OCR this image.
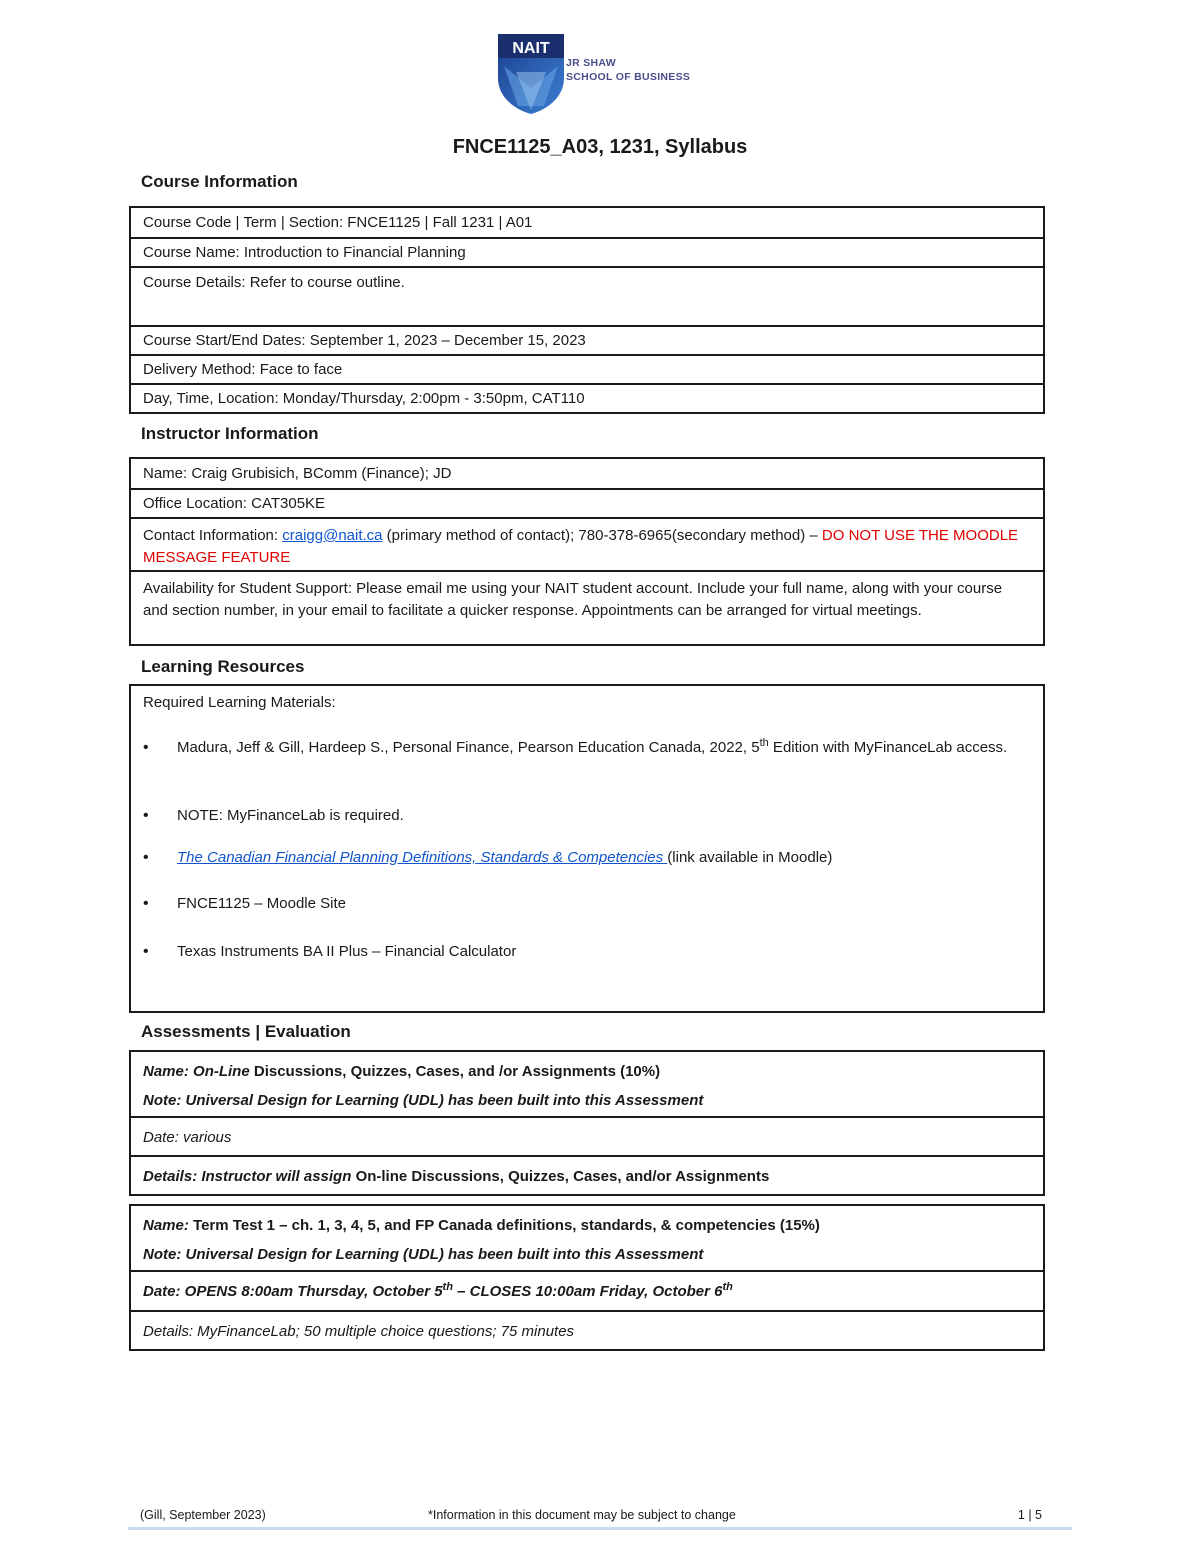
NAIT
JR SHAW
SCHOOL OF BUSINESS
FNCE1125_A03, 1231, Syllabus
Course Information
Course Code | Term | Section: FNCE1125 | Fall 1231 | A01
Course Name: Introduction to Financial Planning
Course Details: Refer to course outline.
Course Start/End Dates: September 1, 2023 – December 15, 2023
Delivery Method: Face to face
Day, Time, Location: Monday/Thursday, 2:00pm - 3:50pm, CAT110
Instructor Information
Name: Craig Grubisich, BComm (Finance); JD
Office Location: CAT305KE
Contact Information: craigg@nait.ca (primary method of contact); 780-378-6965(secondary method) – DO NOT USE THE MOODLE MESSAGE FEATURE
Availability for Student Support: Please email me using your NAIT student account. Include your full name, along with your course and section number, in your email to facilitate a quicker response. Appointments can be arranged for virtual meetings.
Learning Resources
Required Learning Materials:
• Madura, Jeff & Gill, Hardeep S., Personal Finance, Pearson Education Canada, 2022, 5th Edition with MyFinanceLab access.
• NOTE: MyFinanceLab is required.
• The Canadian Financial Planning Definitions, Standards & Competencies (link available in Moodle)
• FNCE1125 – Moodle Site
• Texas Instruments BA II Plus – Financial Calculator
Assessments | Evaluation
Name: On-Line Discussions, Quizzes, Cases, and /or Assignments (10%)
Note: Universal Design for Learning (UDL) has been built into this Assessment
Date: various
Details: Instructor will assign On-line Discussions, Quizzes, Cases, and/or Assignments
Name: Term Test 1 – ch. 1, 3, 4, 5, and FP Canada definitions, standards, & competencies (15%)
Note: Universal Design for Learning (UDL) has been built into this Assessment
Date: OPENS 8:00am Thursday, October 5th – CLOSES 10:00am Friday, October 6th
Details: MyFinanceLab; 50 multiple choice questions; 75 minutes
(Gill, September 2023)	*Information in this document may be subject to change	1 | 5
